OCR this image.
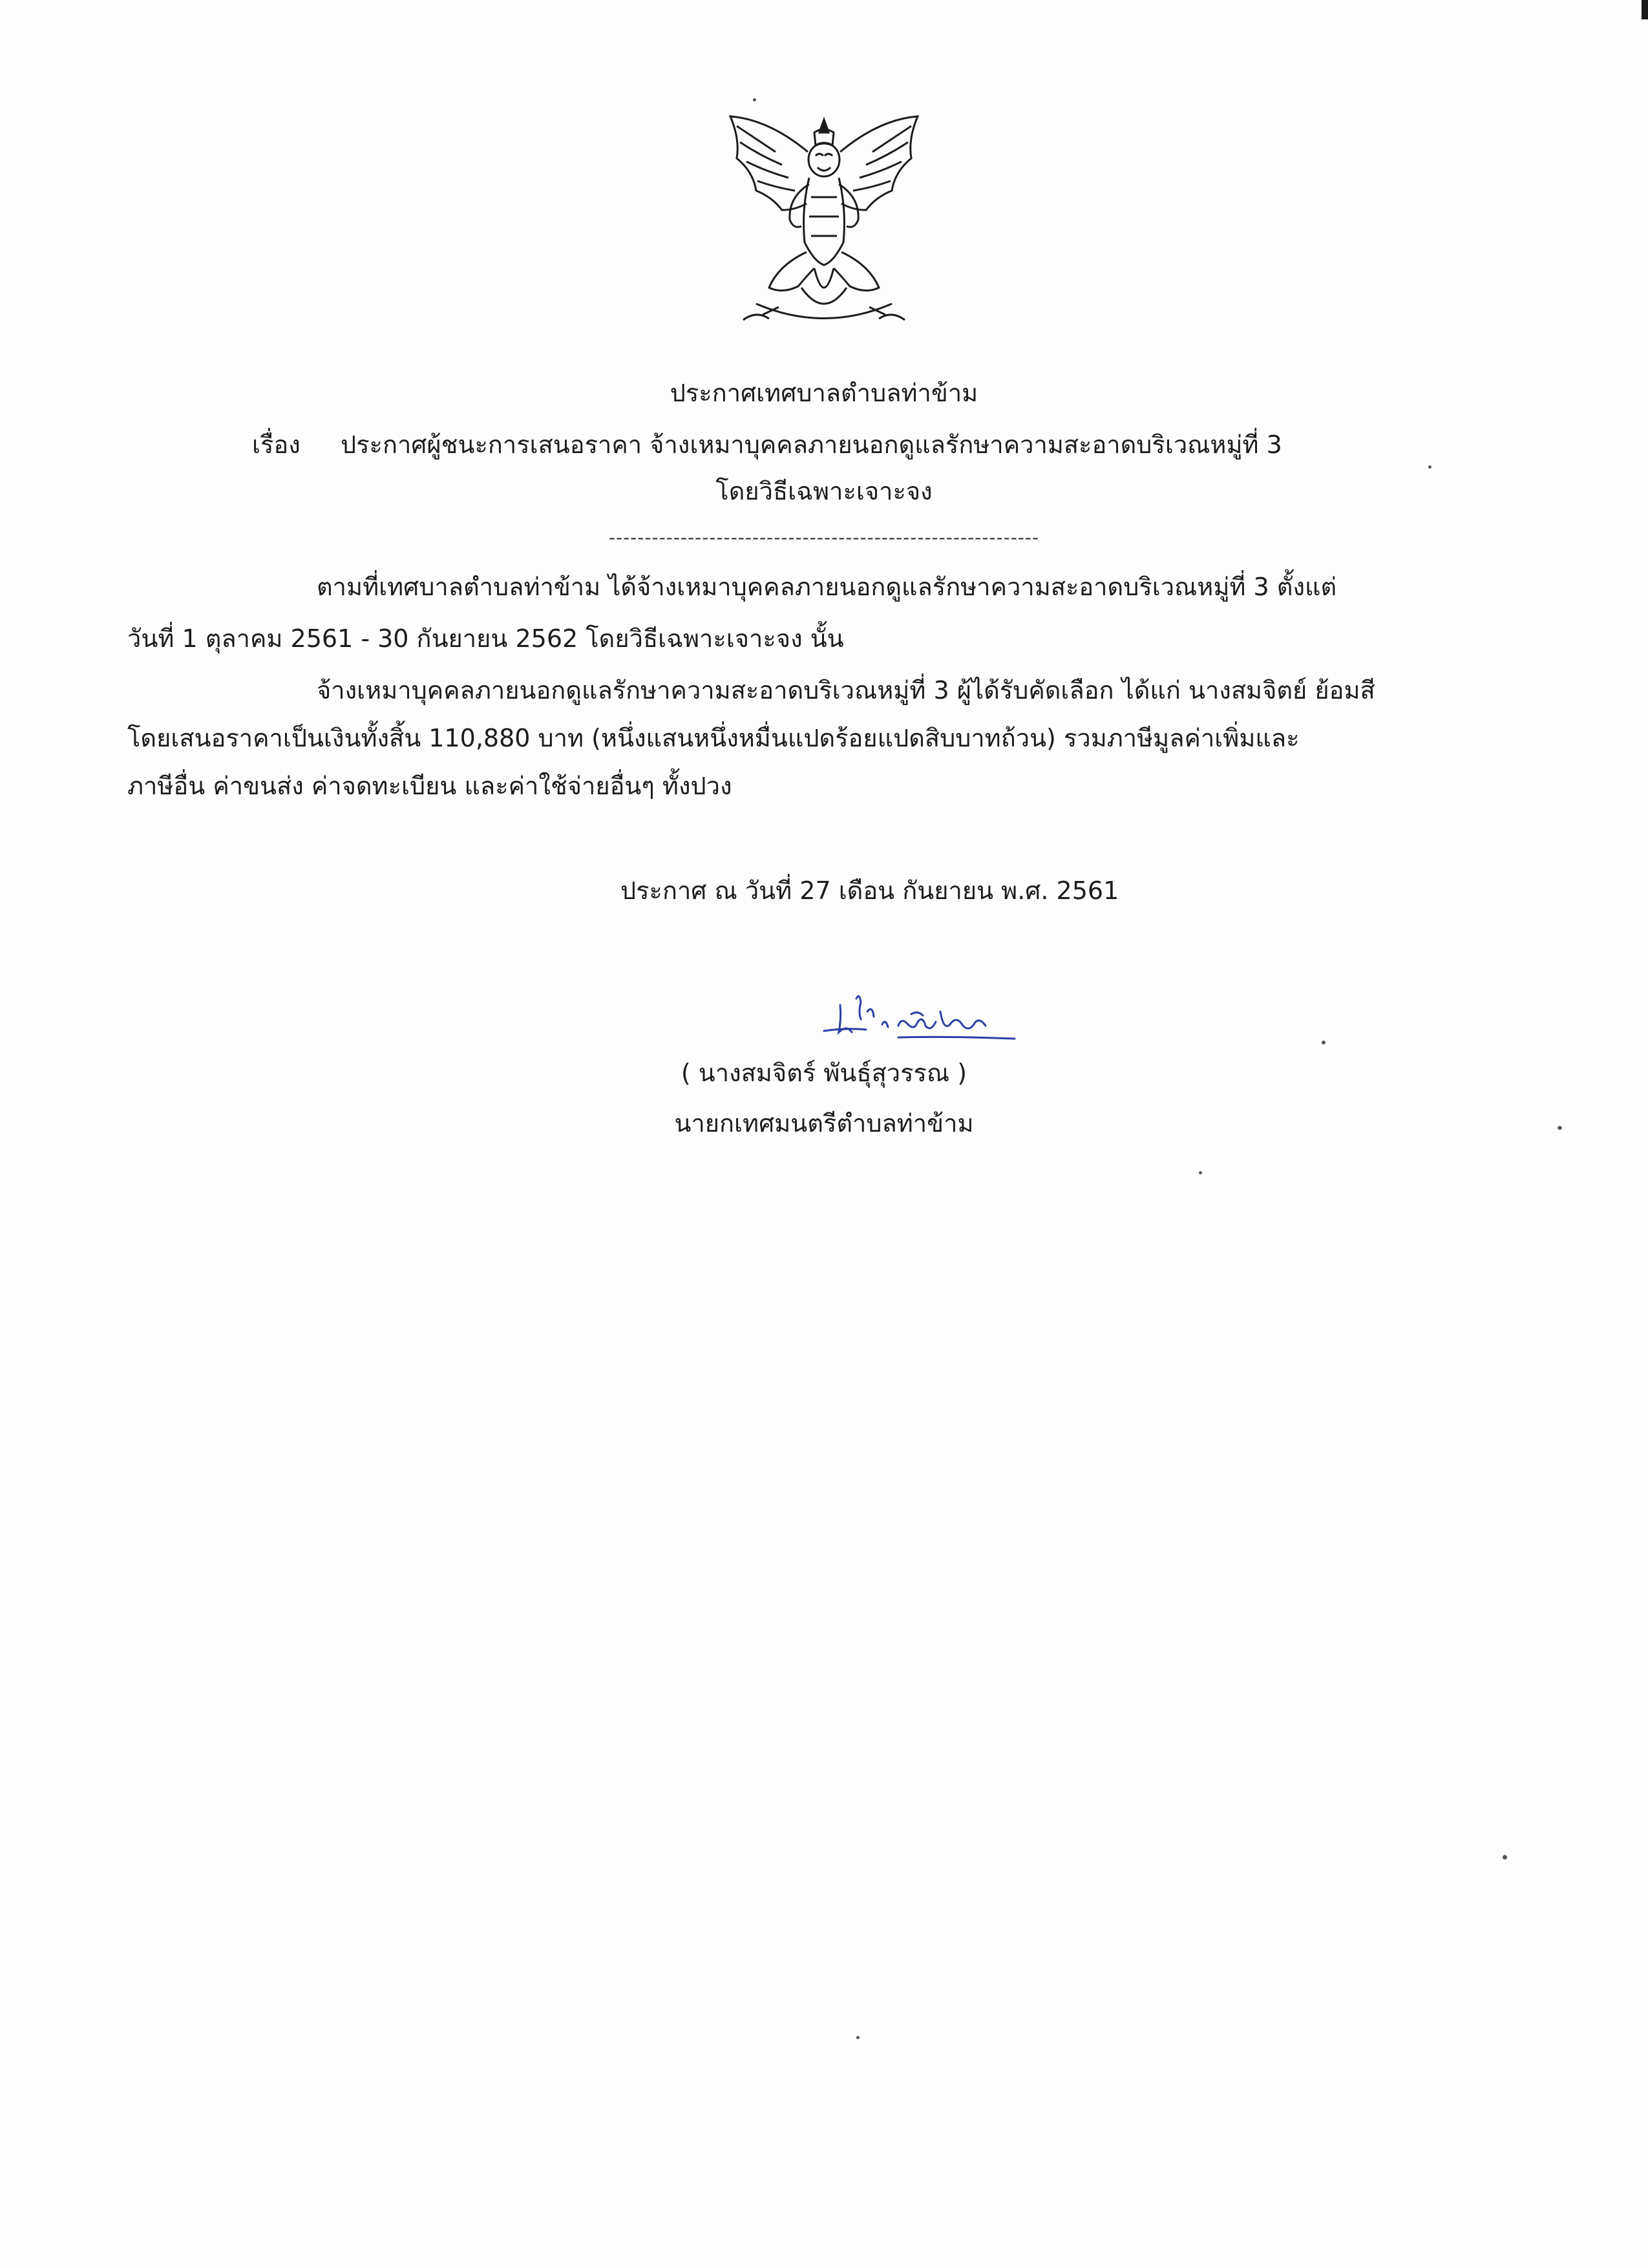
ประกาศเทศบาลตำบลท่าข้าม
เรื่อง ประกาศผู้ชนะการเสนอราคา จ้างเหมาบุคคลภายนอกดูแลรักษาความสะอาดบริเวณหมู่ที่ 3
โดยวิธีเฉพาะเจาะจง
------------------------------------------------------------
ตามที่เทศบาลตำบลท่าข้าม ได้จ้างเหมาบุคคลภายนอกดูแลรักษาความสะอาดบริเวณหมู่ที่ 3 ตั้งแต่
วันที่ 1 ตุลาคม 2561 - 30 กันยายน 2562 โดยวิธีเฉพาะเจาะจง นั้น
จ้างเหมาบุคคลภายนอกดูแลรักษาความสะอาดบริเวณหมู่ที่ 3 ผู้ได้รับคัดเลือก ได้แก่ นางสมจิตย์ ย้อมสี
โดยเสนอราคาเป็นเงินทั้งสิ้น 110,880 บาท (หนึ่งแสนหนึ่งหมื่นแปดร้อยแปดสิบบาทถ้วน) รวมภาษีมูลค่าเพิ่มและ
ภาษีอื่น ค่าขนส่ง ค่าจดทะเบียน และค่าใช้จ่ายอื่นๆ ทั้งปวง
ประกาศ ณ วันที่ 27 เดือน กันยายน พ.ศ. 2561
( นางสมจิตร์ พันธุ์สุวรรณ )
นายกเทศมนตรีตำบลท่าข้าม
